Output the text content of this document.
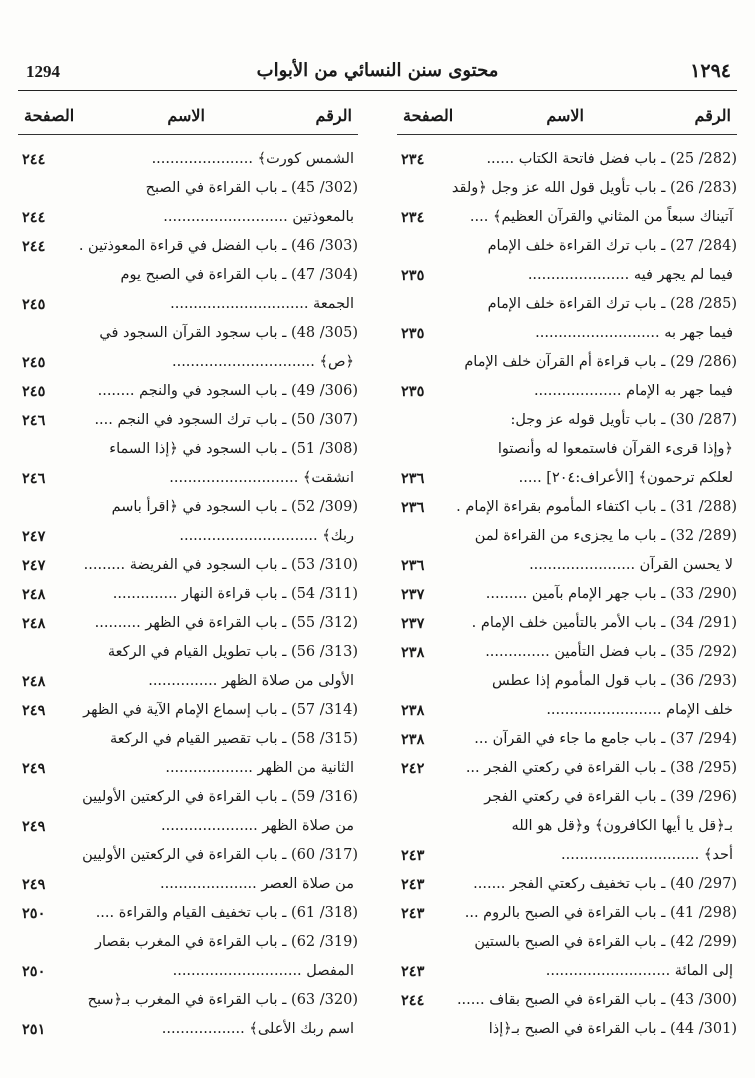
1294	محتوى سنن النسائي من الأبواب	١٢٩٤
الرقم
الاسم
الصفحة
(282/ 25) ـ باب فضل فاتحة الكتاب ......
٢٣٤
(283/ 26) ـ باب تأويل قول الله عز وجل ﴿ولقد
آتيناك سبعاً من المثاني والقرآن العظيم﴾ ....
٢٣٤
(284/ 27) ـ باب ترك القراءة خلف الإمام
فيما لم يجهر فيه ......................
٢٣٥
(285/ 28) ـ باب ترك القراءة خلف الإمام
فيما جهر به ...........................
٢٣٥
(286/ 29) ـ باب قراءة أم القرآن خلف الإمام
فيما جهر به الإمام ...................
٢٣٥
(287/ 30) ـ باب تأويل قوله عز وجل:
﴿وإذا قرىء القرآن فاستمعوا له وأنصتوا
لعلكم ترحمون﴾ [الأعراف:٢٠٤] .....
٢٣٦
(288/ 31) ـ باب اكتفاء المأموم بقراءة الإمام .
٢٣٦
(289/ 32) ـ باب ما يجزىء من القراءة لمن
لا يحسن القرآن .......................
٢٣٦
(290/ 33) ـ باب جهر الإمام بآمين .........
٢٣٧
(291/ 34) ـ باب الأمر بالتأمين خلف الإمام .
٢٣٧
(292/ 35) ـ باب فضل التأمين ..............
٢٣٨
(293/ 36) ـ باب قول المأموم إذا عطس
خلف الإمام .........................
٢٣٨
(294/ 37) ـ باب جامع ما جاء في القرآن ...
٢٣٨
(295/ 38) ـ باب القراءة في ركعتي الفجر ...
٢٤٢
(296/ 39) ـ باب القراءة في ركعتي الفجر
بـ﴿قل يا أيها الكافرون﴾ و﴿قل هو الله
أحد﴾ ..............................
٢٤٣
(297/ 40) ـ باب تخفيف ركعتي الفجر .......
٢٤٣
(298/ 41) ـ باب القراءة في الصبح بالروم ...
٢٤٣
(299/ 42) ـ باب القراءة في الصبح بالستين
إلى المائة ...........................
٢٤٣
(300/ 43) ـ باب القراءة في الصبح بقاف ......
٢٤٤
(301/ 44) ـ باب القراءة في الصبح بـ﴿إذا
الرقم
الاسم
الصفحة
الشمس كورت﴾ ......................
٢٤٤
(302/ 45) ـ باب القراءة في الصبح
بالمعوذتين ...........................
٢٤٤
(303/ 46) ـ باب الفضل في قراءة المعوذتين .
٢٤٤
(304/ 47) ـ باب القراءة في الصبح يوم
الجمعة ..............................
٢٤٥
(305/ 48) ـ باب سجود القرآن السجود في
﴿ص﴾ ...............................
٢٤٥
(306/ 49) ـ باب السجود في والنجم ........
٢٤٥
(307/ 50) ـ باب ترك السجود في النجم ....
٢٤٦
(308/ 51) ـ باب السجود في ﴿إذا السماء
انشقت﴾ ............................
٢٤٦
(309/ 52) ـ باب السجود في ﴿اقرأ باسم
ربك﴾ ..............................
٢٤٧
(310/ 53) ـ باب السجود في الفريضة .........
٢٤٧
(311/ 54) ـ باب قراءة النهار ..............
٢٤٨
(312/ 55) ـ باب القراءة في الظهر ..........
٢٤٨
(313/ 56) ـ باب تطويل القيام في الركعة
الأولى من صلاة الظهر ...............
٢٤٨
(314/ 57) ـ باب إسماع الإمام الآية في الظهر
٢٤٩
(315/ 58) ـ باب تقصير القيام في الركعة
الثانية من الظهر ...................
٢٤٩
(316/ 59) ـ باب القراءة في الركعتين الأوليين
من صلاة الظهر .....................
٢٤٩
(317/ 60) ـ باب القراءة في الركعتين الأوليين
من صلاة العصر .....................
٢٤٩
(318/ 61) ـ باب تخفيف القيام والقراءة ....
٢٥٠
(319/ 62) ـ باب القراءة في المغرب بقصار
المفصل ............................
٢٥٠
(320/ 63) ـ باب القراءة في المغرب بـ﴿سبح
اسم ربك الأعلى﴾ ..................
٢٥١
